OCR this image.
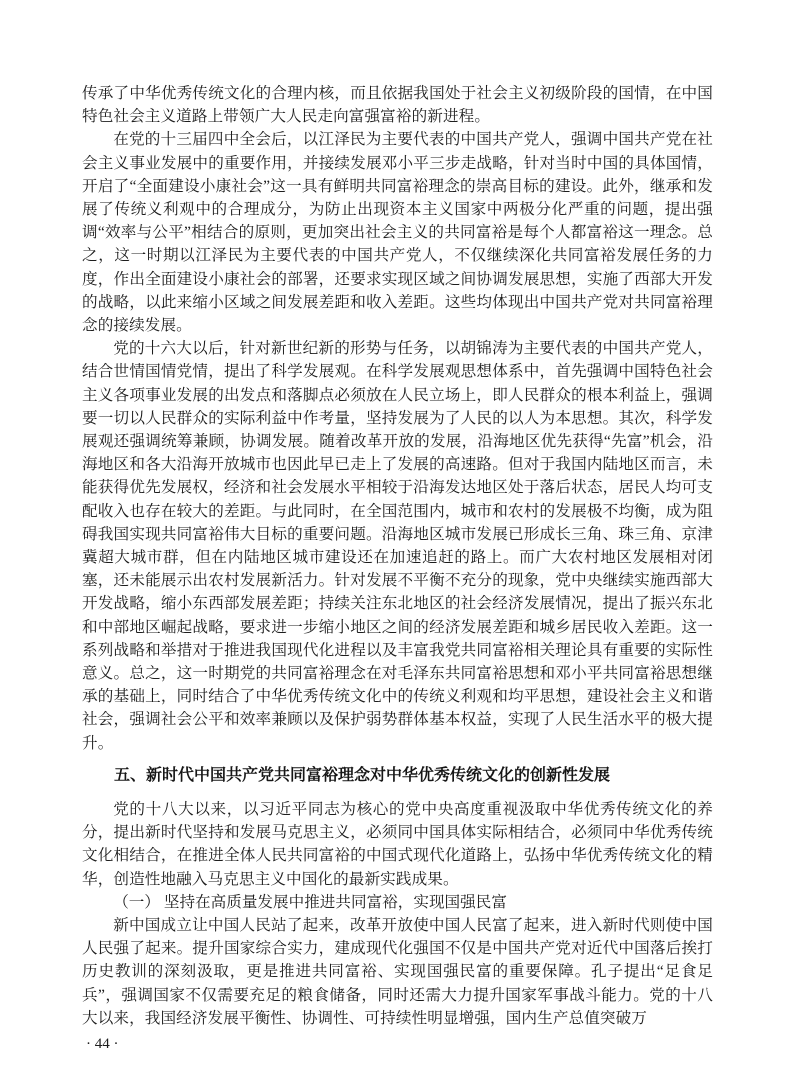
传承了中华优秀传统文化的合理内核，而且依据我国处于社会主义初级阶段的国情，在中国特色社会主义道路上带领广大人民走向富强富裕的新进程。

在党的十三届四中全会后，以江泽民为主要代表的中国共产党人，强调中国共产党在社会主义事业发展中的重要作用，并接续发展邓小平三步走战略，针对当时中国的具体国情，开启了“全面建设小康社会”这一具有鲜明共同富裕理念的崇高目标的建设。此外，继承和发展了传统义利观中的合理成分，为防止出现资本主义国家中两极分化严重的问题，提出强调“效率与公平”相结合的原则，更加突出社会主义的共同富裕是每个人都富裕这一理念。总之，这一时期以江泽民为主要代表的中国共产党人，不仅继续深化共同富裕发展任务的力度，作出全面建设小康社会的部署，还要求实现区域之间协调发展思想，实施了西部大开发的战略，以此来缩小区域之间发展差距和收入差距。这些均体现出中国共产党对共同富裕理念的接续发展。

党的十六大以后，针对新世纪新的形势与任务，以胡锦涛为主要代表的中国共产党人，结合世情国情党情，提出了科学发展观。在科学发展观思想体系中，首先强调中国特色社会主义各项事业发展的出发点和落脚点必须放在人民立场上，即人民群众的根本利益上，强调要一切以人民群众的实际利益中作考量，坚持发展为了人民的以人为本思想。其次，科学发展观还强调统筹兼顾，协调发展。随着改革开放的发展，沿海地区优先获得“先富”机会，沿海地区和各大沿海开放城市也因此早已走上了发展的高速路。但对于我国内陆地区而言，未能获得优先发展权，经济和社会发展水平相较于沿海发达地区处于落后状态，居民人均可支配收入也存在较大的差距。与此同时，在全国范围内，城市和农村的发展极不均衡，成为阻碍我国实现共同富裕伟大目标的重要问题。沿海地区城市发展已形成长三角、珠三角、京津冀超大城市群，但在内陆地区城市建设还在加速追赶的路上。而广大农村地区发展相对闭塞，还未能展示出农村发展新活力。针对发展不平衡不充分的现象，党中央继续实施西部大开发战略，缩小东西部发展差距；持续关注东北地区的社会经济发展情况，提出了振兴东北和中部地区崛起战略，要求进一步缩小地区之间的经济发展差距和城乡居民收入差距。这一系列战略和举措对于推进我国现代化进程以及丰富我党共同富裕相关理论具有重要的实际性意义。总之，这一时期党的共同富裕理念在对毛泽东共同富裕思想和邓小平共同富裕思想继承的基础上，同时结合了中华优秀传统文化中的传统义利观和均平思想，建设社会主义和谐社会，强调社会公平和效率兼顾以及保护弱势群体基本权益，实现了人民生活水平的极大提升。

五、新时代中国共产党共同富裕理念对中华优秀传统文化的创新性发展

党的十八大以来，以习近平同志为核心的党中央高度重视汲取中华优秀传统文化的养分，提出新时代坚持和发展马克思主义，必须同中国具体实际相结合，必须同中华优秀传统文化相结合，在推进全体人民共同富裕的中国式现代化道路上，弘扬中华优秀传统文化的精华，创造性地融入马克思主义中国化的最新实践成果。

（一） 坚持在高质量发展中推进共同富裕，实现国强民富

新中国成立让中国人民站了起来，改革开放使中国人民富了起来，进入新时代则使中国人民强了起来。提升国家综合实力，建成现代化强国不仅是中国共产党对近代中国落后挨打历史教训的深刻汲取，更是推进共同富裕、实现国强民富的重要保障。孔子提出“足食足兵”，强调国家不仅需要充足的粮食储备，同时还需大力提升国家军事战斗能力。党的十八大以来，我国经济发展平衡性、协调性、可持续性明显增强，国内生产总值突破万

· 44 ·
